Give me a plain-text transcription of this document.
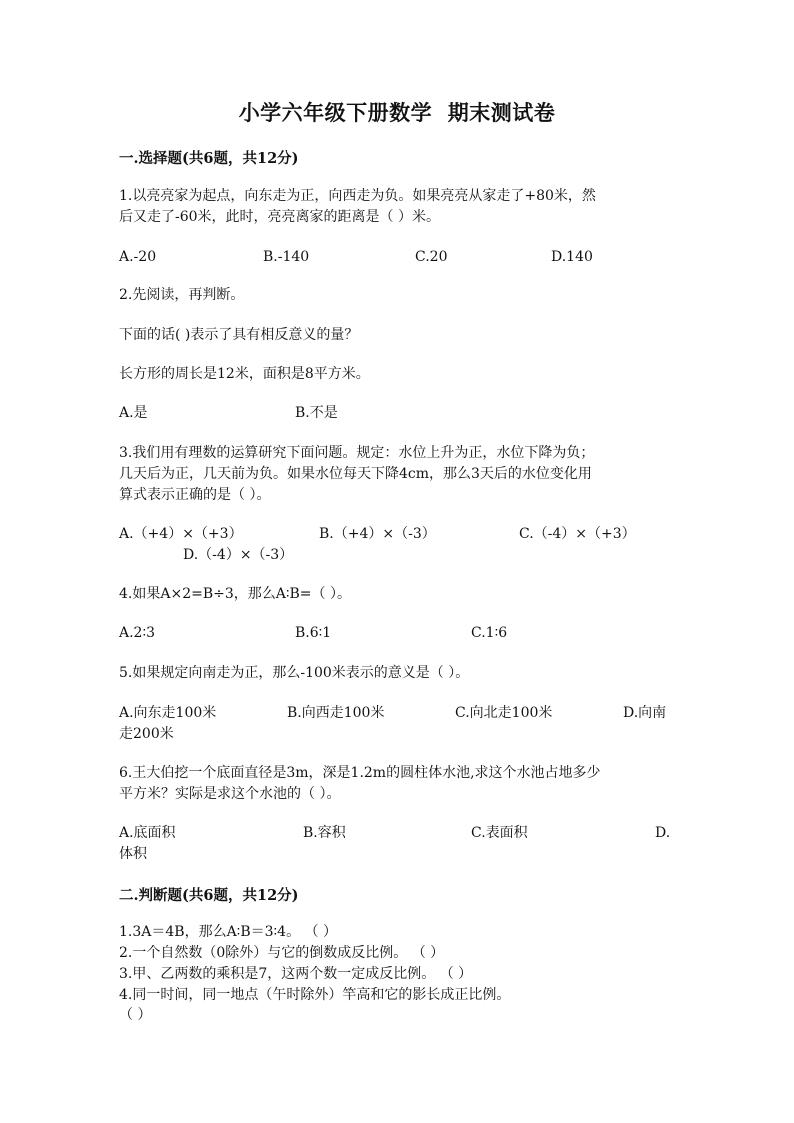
小学六年级下册数学  期末测试卷
一.选择题(共6题，共12分)
1.以亮亮家为起点，向东走为正，向西走为负。如果亮亮从家走了+80米，然
后又走了-60米，此时，亮亮离家的距离是（ ）米。
A.-20	B.-140	C.20	D.140
2.先阅读，再判断。
下面的话( )表示了具有相反意义的量？
长方形的周长是12米，面积是8平方米。
A.是	B.不是
3.我们用有理数的运算研究下面问题。规定：水位上升为正，水位下降为负；
几天后为正，几天前为负。如果水位每天下降4cm，那么3天后的水位变化用
算式表示正确的是（ ）。
A.（+4）×（+3）	B.（+4）×（-3）	C.（-4）×（+3）
D.（-4）×（-3）
4.如果A×2=B÷3，那么A∶B=（ ）。
A.2∶3	B.6∶1	C.1∶6
5.如果规定向南走为正，那么-100米表示的意义是（ ）。
A.向东走100米	B.向西走100米	C.向北走100米	D.向南
走200米
6.王大伯挖一个底面直径是3m，深是1.2m的圆柱体水池,求这个水池占地多少
平方米？实际是求这个水池的（ ）。
A.底面积	B.容积	C.表面积	D.
体积
二.判断题(共6题，共12分)
1.3A＝4B，那么A∶B＝3∶4。 （ ）
2.一个自然数（0除外）与它的倒数成反比例。 （ ）
3.甲、乙两数的乘积是7，这两个数一定成反比例。 （ ）
4.同一时间，同一地点（午时除外）竿高和它的影长成正比例。
（ ）
